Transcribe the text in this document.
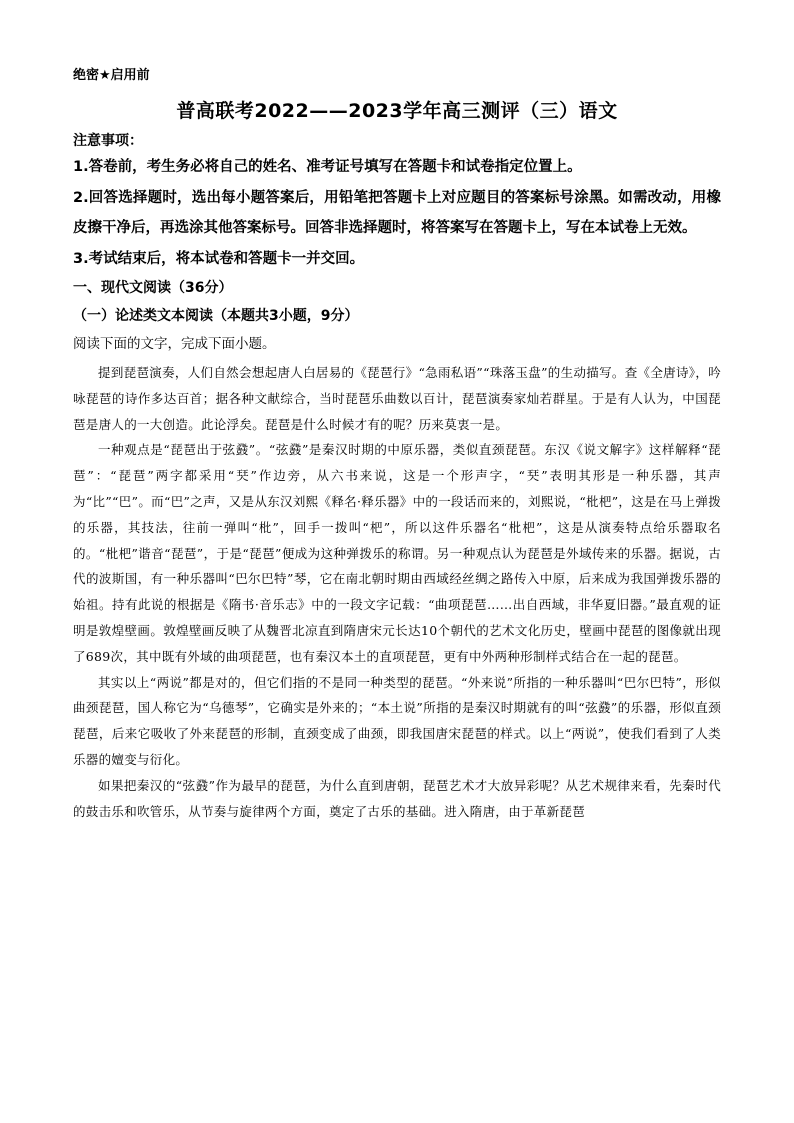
绝密★启用前

普高联考2022——2023学年高三测评（三）语文

注意事项：

1.答卷前，考生务必将自己的姓名、准考证号填写在答题卡和试卷指定位置上。

2.回答选择题时，选出每小题答案后，用铅笔把答题卡上对应题目的答案标号涂黑。如需改动，用橡皮擦干净后，再选涂其他答案标号。回答非选择题时，将答案写在答题卡上，写在本试卷上无效。

3.考试结束后，将本试卷和答题卡一并交回。

一、现代文阅读（36分）

（一）论述类文本阅读（本题共3小题，9分）

阅读下面的文字，完成下面小题。

提到琵琶演奏，人们自然会想起唐人白居易的《琵琶行》“急雨私语”“珠落玉盘”的生动描写。查《全唐诗》，吟咏琵琶的诗作多达百首；据各种文献综合，当时琵琶乐曲数以百计，琵琶演奏家灿若群星。于是有人认为，中国琵琶是唐人的一大创造。此论浮矣。琵琶是什么时候才有的呢？历来莫衷一是。

一种观点是“琵琶出于弦鼗”。“弦鼗”是秦汉时期的中原乐器，类似直颈琵琶。东汉《说文解字》这样解释“琵琶”：“琵琶”两字都采用“珡”作边旁，从六书来说，这是一个形声字，“珡”表明其形是一种乐器，其声为“比”“巴”。而“巴”之声，又是从东汉刘熙《释名·释乐器》中的一段话而来的，刘熙说，“枇杷”，这是在马上弹拨的乐器，其技法，往前一弹叫“枇”，回手一拨叫“杷”，所以这件乐器名“枇杷”，这是从演奏特点给乐器取名的。“枇杷”谐音“琵琶”，于是“琵琶”便成为这种弹拨乐的称谓。另一种观点认为琵琶是外域传来的乐器。据说，古代的波斯国，有一种乐器叫“巴尔巴特”琴，它在南北朝时期由西域经丝绸之路传入中原，后来成为我国弹拨乐器的始祖。持有此说的根据是《隋书·音乐志》中的一段文字记载：“曲项琵琶……出自西域，非华夏旧器。”最直观的证明是敦煌壁画。敦煌壁画反映了从魏晋北凉直到隋唐宋元长达10个朝代的艺术文化历史，壁画中琵琶的图像就出现了689次，其中既有外域的曲项琵琶，也有秦汉本土的直项琵琶，更有中外两种形制样式结合在一起的琵琶。

其实以上“两说”都是对的，但它们指的不是同一种类型的琵琶。“外来说”所指的一种乐器叫“巴尔巴特”，形似曲颈琵琶，国人称它为“乌德琴”，它确实是外来的；“本土说”所指的是秦汉时期就有的叫“弦鼗”的乐器，形似直颈琵琶，后来它吸收了外来琵琶的形制，直颈变成了曲颈，即我国唐宋琵琶的样式。以上“两说”，使我们看到了人类乐器的嬗变与衍化。

如果把秦汉的“弦鼗”作为最早的琵琶，为什么直到唐朝，琵琶艺术才大放异彩呢？从艺术规律来看，先秦时代的鼓击乐和吹管乐，从节奏与旋律两个方面，奠定了古乐的基础。进入隋唐，由于革新琵琶
